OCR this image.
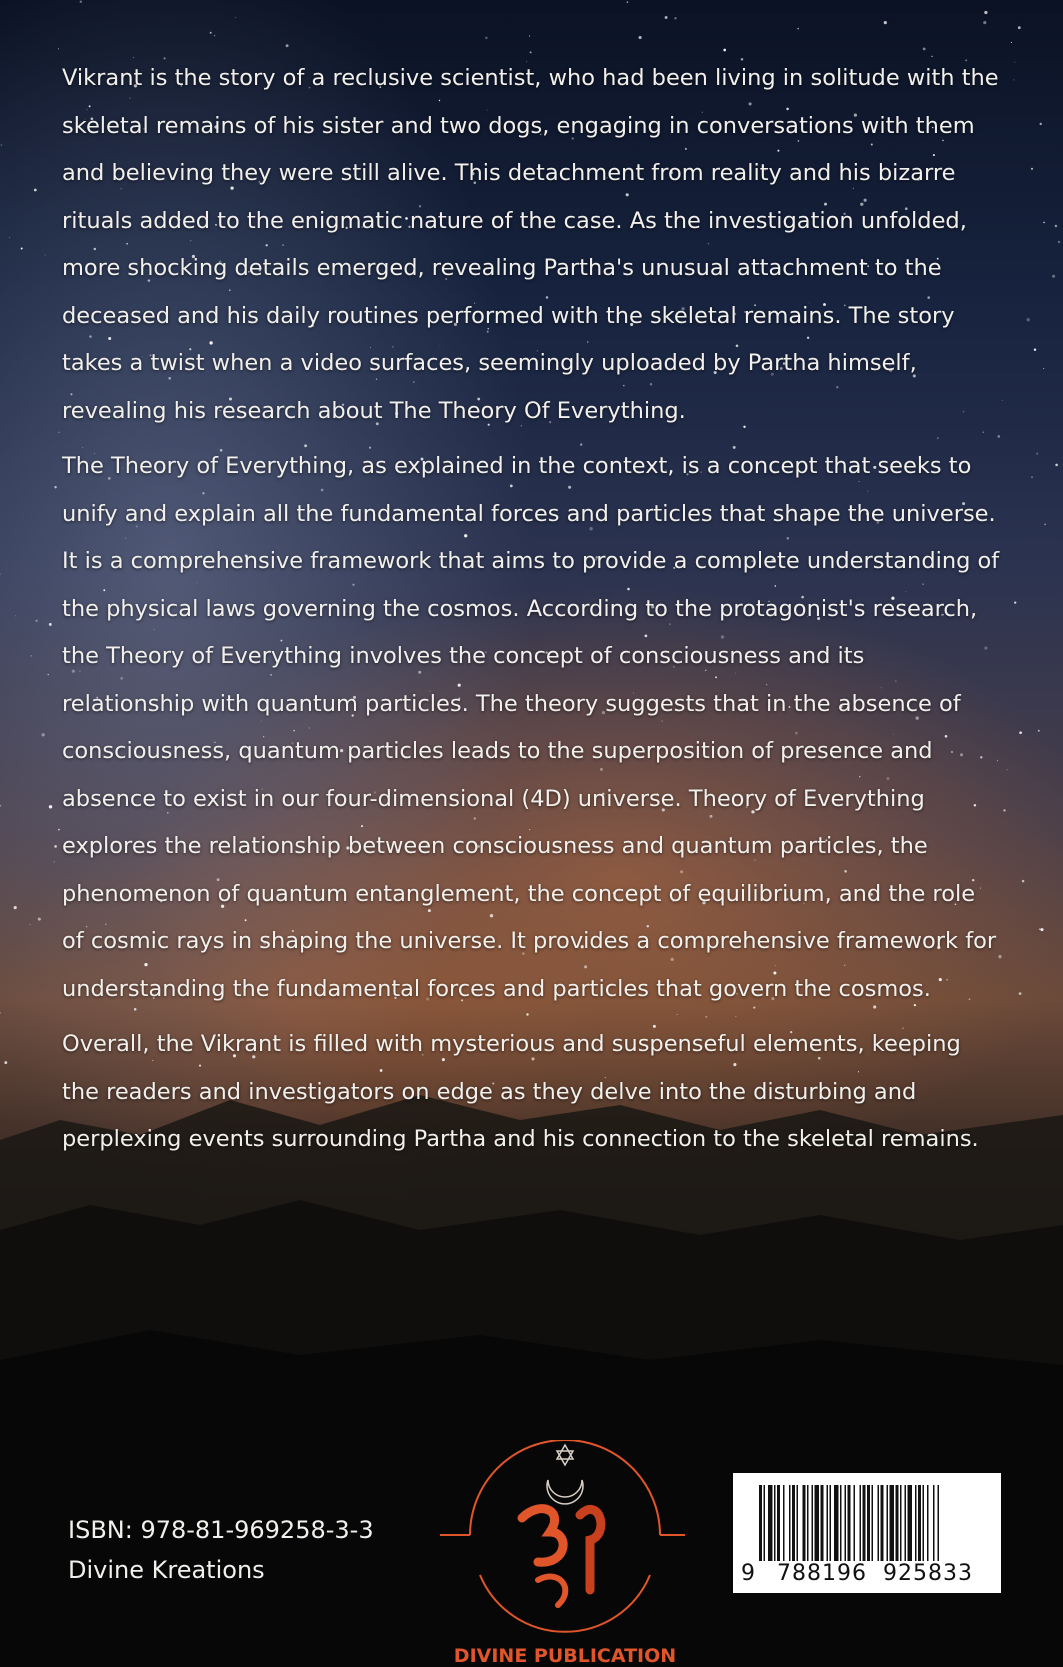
Vikrant is the story of a reclusive scientist, who had been living in solitude with the skeletal remains of his sister and two dogs, engaging in conversations with them and believing they were still alive. This detachment from reality and his bizarre rituals added to the enigmatic nature of the case. As the investigation unfolded, more shocking details emerged, revealing Partha's unusual attachment to the deceased and his daily routines performed with the skeletal remains. The story takes a twist when a video surfaces, seemingly uploaded by Partha himself, revealing his research about The Theory Of Everything.

The Theory of Everything, as explained in the context, is a concept that seeks to unify and explain all the fundamental forces and particles that shape the universe. It is a comprehensive framework that aims to provide a complete understanding of the physical laws governing the cosmos. According to the protagonist's research, the Theory of Everything involves the concept of consciousness and its relationship with quantum particles. The theory suggests that in the absence of consciousness, quantum particles leads to the superposition of presence and absence to exist in our four-dimensional (4D) universe. Theory of Everything explores the relationship between consciousness and quantum particles, the phenomenon of quantum entanglement, the concept of equilibrium, and the role of cosmic rays in shaping the universe. It provides a comprehensive framework for understanding the fundamental forces and particles that govern the cosmos.

Overall, the Vikrant is filled with mysterious and suspenseful elements, keeping the readers and investigators on edge as they delve into the disturbing and perplexing events surrounding Partha and his connection to the skeletal remains.

ISBN: 978-81-969258-3-3
Divine Kreations
DIVINE PUBLICATION
9 788196 925833
